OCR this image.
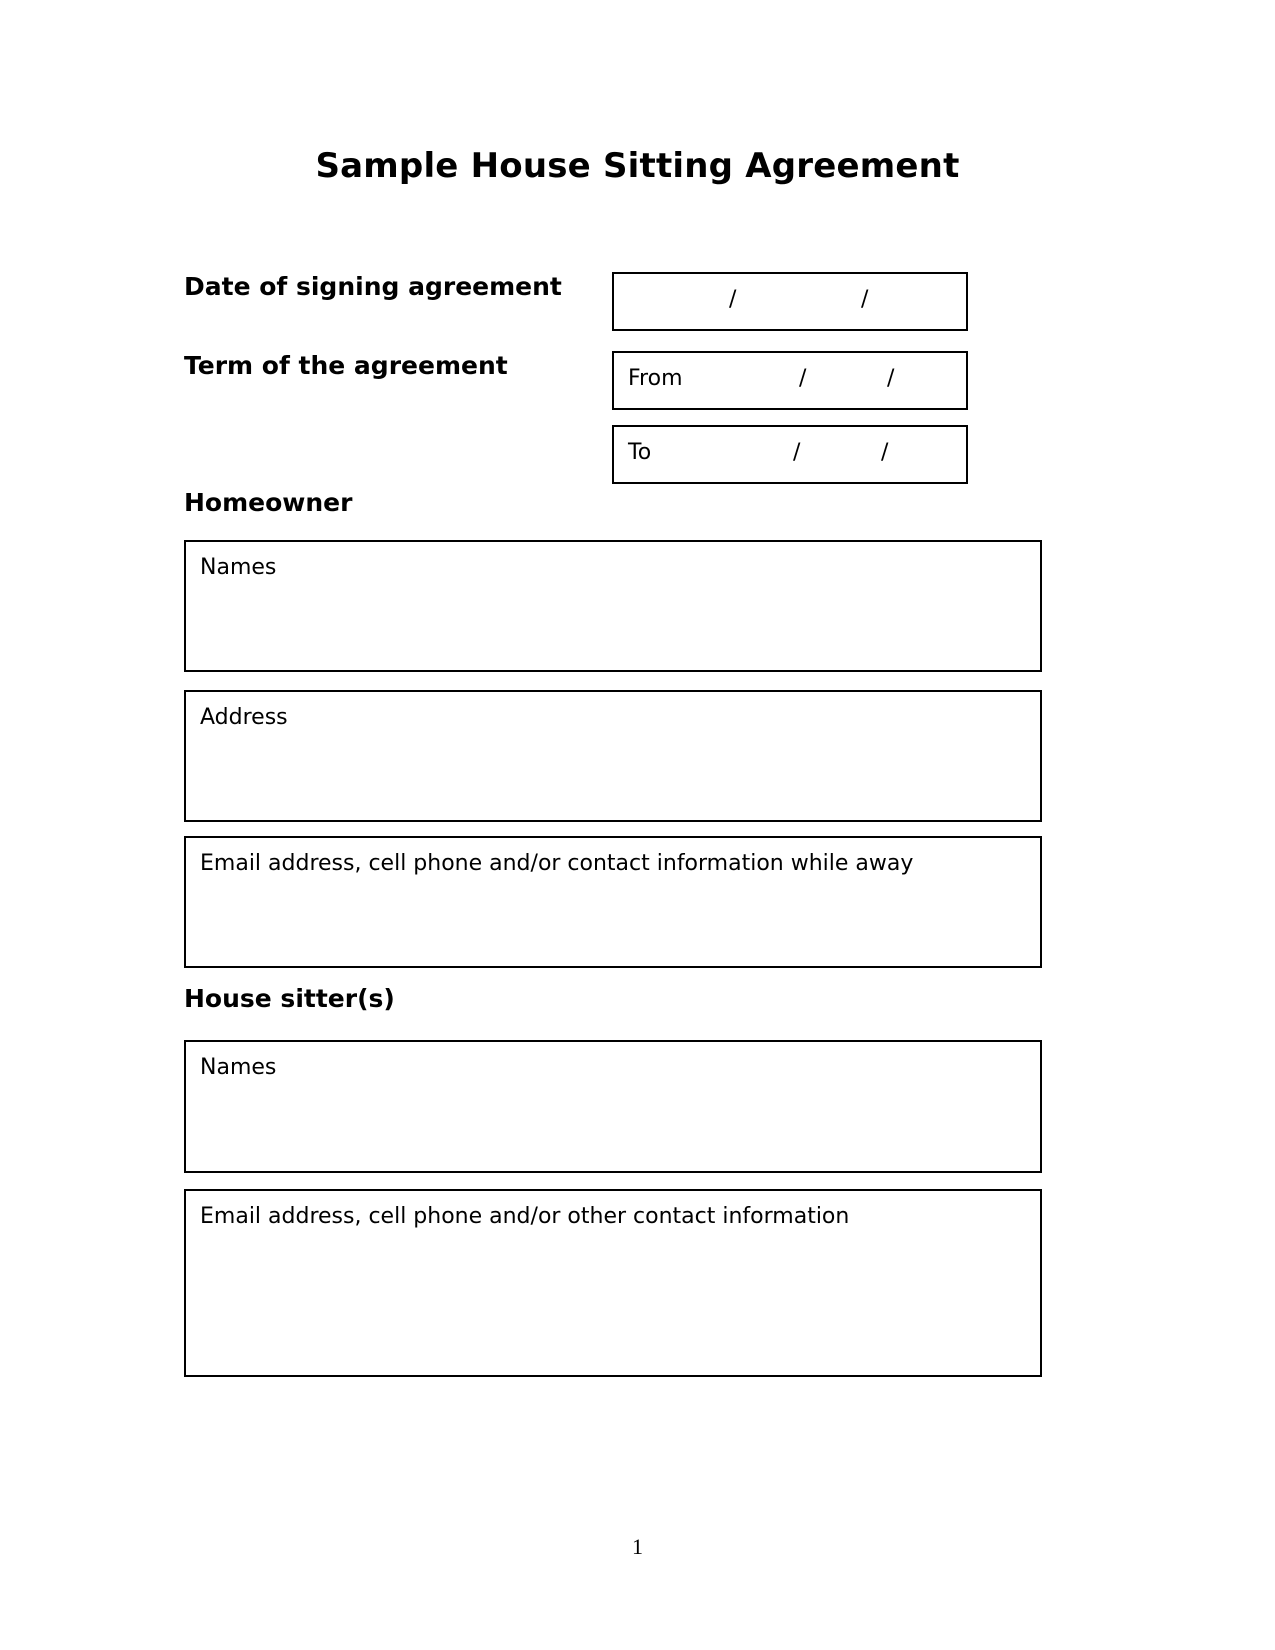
Sample House Sitting Agreement
Date of signing agreement	/	/
Term of the agreement	From	/	/
To	/	/
Homeowner
Names
Address
Email address, cell phone and/or contact information while away
House sitter(s)
Names
Email address, cell phone and/or other contact information
1
